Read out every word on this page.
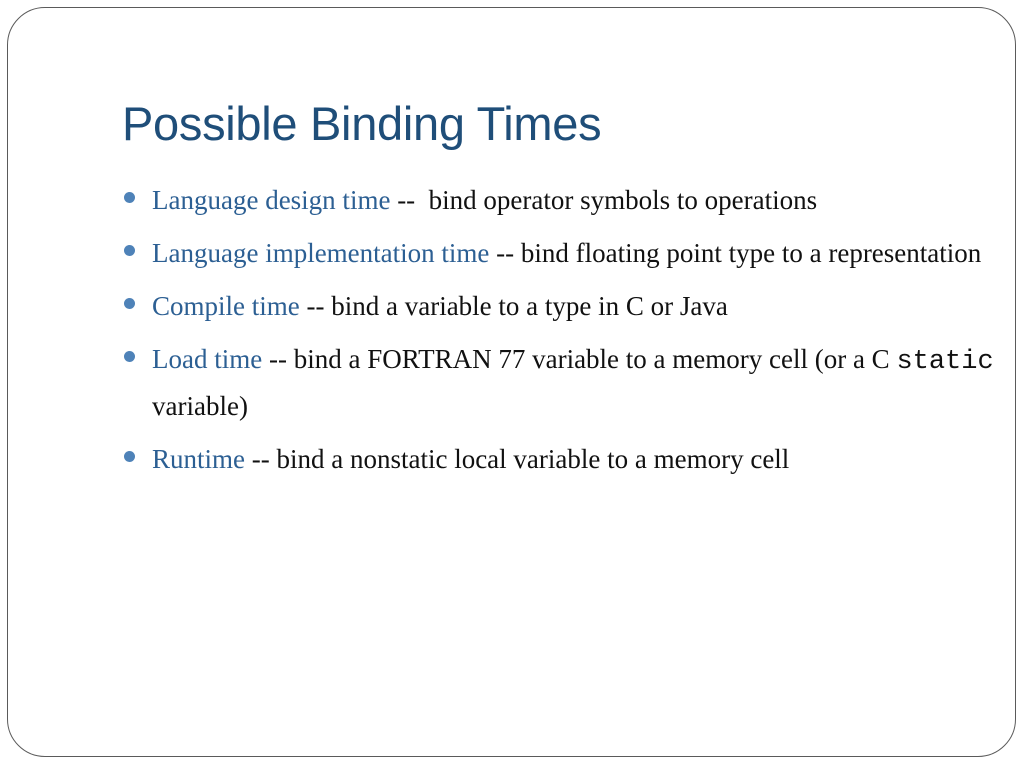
Possible Binding Times
Language design time --  bind operator symbols to operations
Language implementation time -- bind floating point type to a representation
Compile time -- bind a variable to a type in C or Java
Load time -- bind a FORTRAN 77 variable to a memory cell (or a C static variable)
Runtime -- bind a nonstatic local variable to a memory cell
